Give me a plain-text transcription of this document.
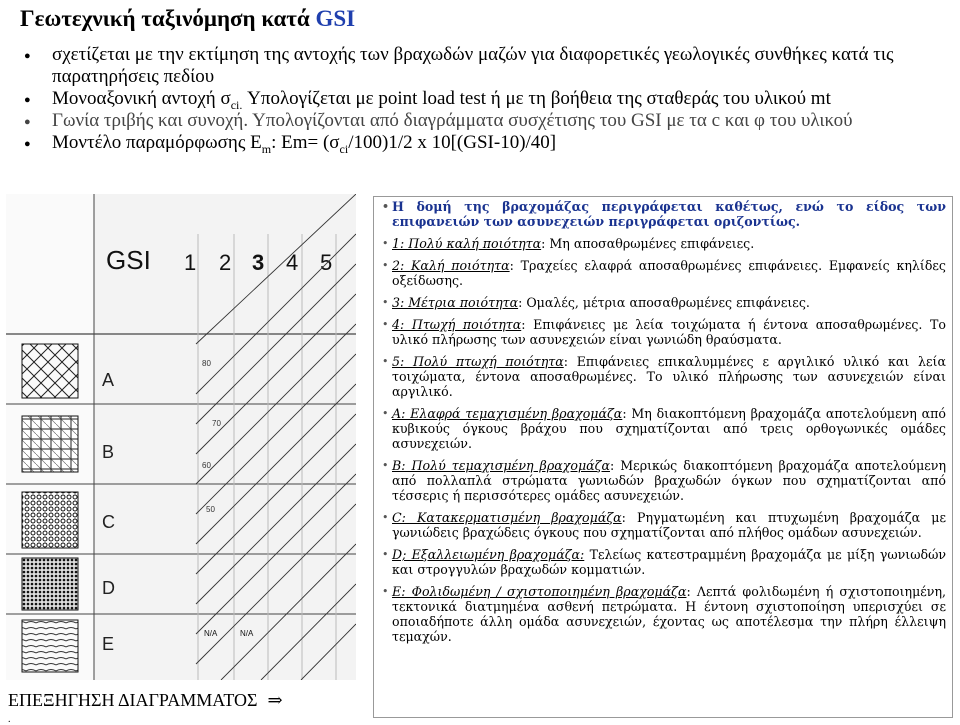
Γεωτεχνική ταξινόμηση κατά GSI
● σχετίζεται με την εκτίμηση της αντοχής των βραχωδών μαζών για διαφορετικές γεωλογικές συνθήκες κατά τις παρατηρήσεις πεδίου
● Μονοαξονική αντοχή $\sigma_{ci.}$ Υπολογίζεται με point load test ή με τη βοήθεια της σταθεράς του υλικού mt
● Γωνία τριβής και συνοχή. Υπολογίζονται από διαγράμματα συσχέτισης του GSI με τα c και φ του υλικού
● Μοντέλο παραμόρφωσης $E_m$: $Em= (\sigma_{ci}/100)1/2$ x 10[(GSI-10)/40]
GSI 1 2 3 4 5
A
B
C
D
E
80
70
60
50
N/A	N/A
ΕΠΕΞΗΓΗΣΗ ΔΙΑΓΡΑΜΜΑΤΟΣ ⇒
.

• Η δομή της βραχομάζας περιγράφεται καθέτως, ενώ το είδος των επιφανειών των ασυνεχειών περιγράφεται οριζοντίως.

• 1: Πολύ καλή ποιότητα: Μη αποσαθρωμένες επιφάνειες.

• 2: Καλή ποιότητα: Τραχείες ελαφρά αποσαθρωμένες επιφάνειες. Εμφανείς κηλίδες οξείδωσης.

• 3: Μέτρια ποιότητα: Ομαλές, μέτρια αποσαθρωμένες επιφάνειες.

• 4: Πτωχή ποιότητα: Επιφάνειες με λεία τοιχώματα ή έντονα αποσαθρωμένες. Το υλικό πλήρωσης των ασυνεχειών είναι γωνιώδη θραύσματα.

• 5: Πολύ πτωχή ποιότητα: Επιφάνειες επικαλυμμένες ε αργιλικό υλικό και λεία τοιχώματα, έντονα αποσαθρωμένες. Το υλικό πλήρωσης των ασυνεχειών είναι αργιλικό.

• A: Ελαφρά τεμαχισμένη βραχομάζα: Μη διακοπτόμενη βραχομάζα αποτελούμενη από κυβικούς όγκους βράχου που σχηματίζονται από τρεις ορθογωνικές ομάδες ασυνεχειών.

• B: Πολύ τεμαχισμένη βραχομάζα: Μερικώς διακοπτόμενη βραχομάζα αποτελούμενη από πολλαπλά στρώματα γωνιωδών βραχωδών όγκων που σχηματίζονται από τέσσερις ή περισσότερες ομάδες ασυνεχειών.

• C: Κατακερματισμένη βραχομάζα: Ρηγματωμένη και πτυχωμένη βραχομάζα με γωνιώδεις βραχώδεις όγκους που σχηματίζονται από πλήθος ομάδων ασυνεχειών.

• D; Εξαλλειωμένη βραχομάζα: Τελείως κατεστραμμένη βραχομάζα με μίξη γωνιωδών και στρογγυλών βραχωδών κομματιών.

• E: Φολιδωμένη / σχιστοποιημένη βραχομάζα: Λεπτά φολιδωμένη ή σχιστοποιημένη, τεκτονικά διατμημένα ασθενή πετρώματα. Η έντονη σχιστοποίηση υπερισχύει σε οποιαδήποτε άλλη ομάδα ασυνεχειών, έχοντας ως αποτέλεσμα την πλήρη έλλειψη τεμαχών.
